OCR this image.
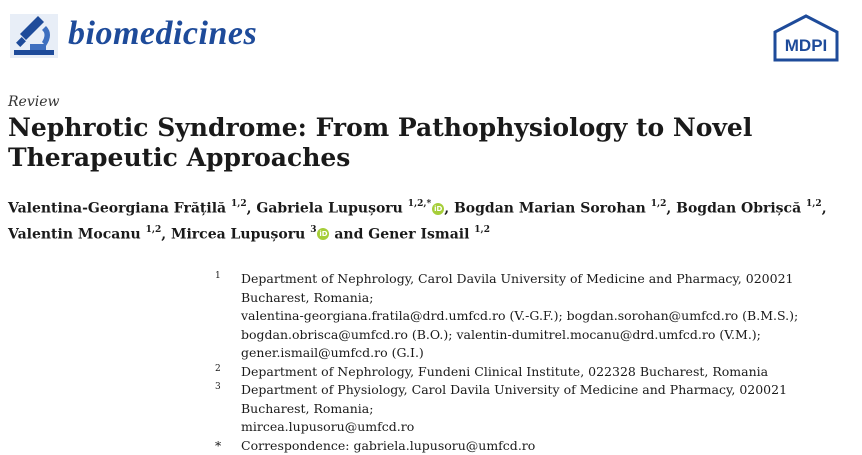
biomedicines	MDPI
Review
Nephrotic Syndrome: From Pathophysiology to Novel Therapeutic Approaches
Valentina-Georgiana Frățilă $^{1,2}$, Gabriela Lupușoru $^{1,2,*}$ iD , Bogdan Marian Sorohan $^{1,2}$, Bogdan Obrișcă $^{1,2}$,
Valentin Mocanu $^{1,2}$, Mircea Lupușoru $^3$ iD and Gener Ismail $^{1,2}$
1	Department of Nephrology, Carol Davila University of Medicine and Pharmacy, 020021 Bucharest, Romania;
valentina-georgiana.fratila@drd.umfcd.ro (V.-G.F.); bogdan.sorohan@umfcd.ro (B.M.S.);
bogdan.obrisca@umfcd.ro (B.O.); valentin-dumitrel.mocanu@drd.umfcd.ro (V.M.);
gener.ismail@umfcd.ro (G.I.)
2	Department of Nephrology, Fundeni Clinical Institute, 022328 Bucharest, Romania
3	Department of Physiology, Carol Davila University of Medicine and Pharmacy, 020021 Bucharest, Romania;
mircea.lupusoru@umfcd.ro
*	Correspondence: gabriela.lupusoru@umfcd.ro
